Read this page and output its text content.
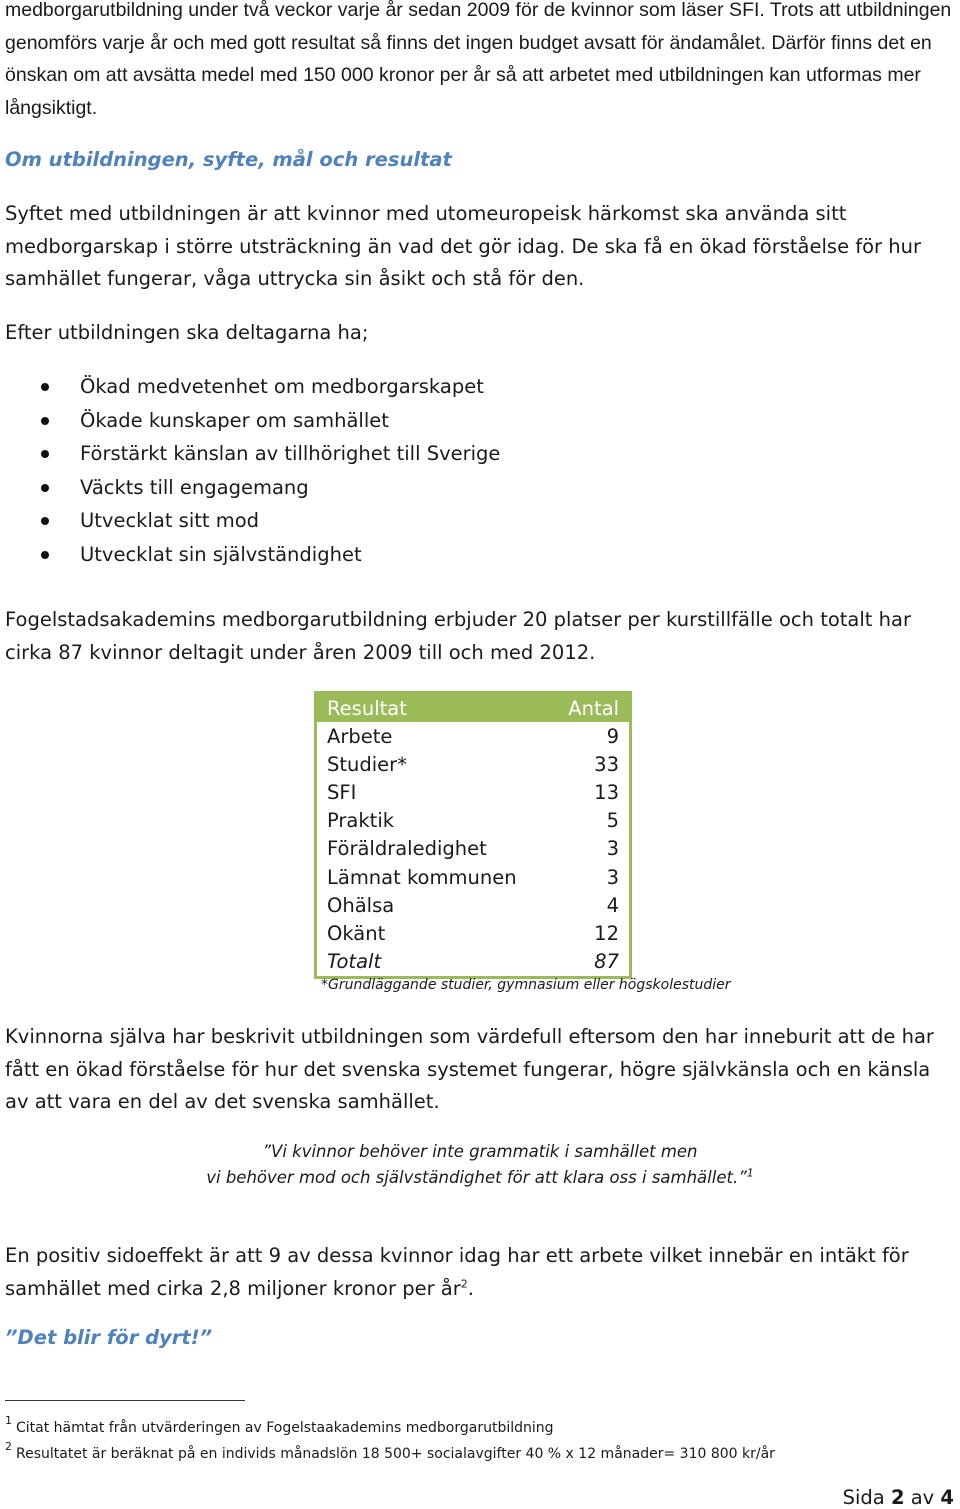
medborgarutbildning under två veckor varje år sedan 2009 för de kvinnor som läser SFI. Trots att utbildningen genomförs varje år och med gott resultat så finns det ingen budget avsatt för ändamålet. Därför finns det en önskan om att avsätta medel med 150 000 kronor per år så att arbetet med utbildningen kan utformas mer långsiktigt.

Om utbildningen, syfte, mål och resultat

Syftet med utbildningen är att kvinnor med utomeuropeisk härkomst ska använda sitt medborgarskap i större utsträckning än vad det gör idag. De ska få en ökad förståelse för hur samhället fungerar, våga uttrycka sin åsikt och stå för den.

Efter utbildningen ska deltagarna ha;

Ökad medvetenhet om medborgarskapet
Ökade kunskaper om samhället
Förstärkt känslan av tillhörighet till Sverige
Väckts till engagemang
Utvecklat sitt mod
Utvecklat sin självständighet

Fogelstadsakademins medborgarutbildning erbjuder 20 platser per kurstillfälle och totalt har cirka 87 kvinnor deltagit under åren 2009 till och med 2012.

Resultat	Antal
Arbete	9
Studier*	33
SFI	13
Praktik	5
Föräldraledighet	3
Lämnat kommunen	3
Ohälsa	4
Okänt	12
Totalt	87
*Grundläggande studier, gymnasium eller högskolestudier

Kvinnorna själva har beskrivit utbildningen som värdefull eftersom den har inneburit att de har fått en ökad förståelse för hur det svenska systemet fungerar, högre självkänsla och en känsla av att vara en del av det svenska samhället.

”Vi kvinnor behöver inte grammatik i samhället men
vi behöver mod och självständighet för att klara oss i samhället.”$^1$

En positiv sidoeffekt är att 9 av dessa kvinnor idag har ett arbete vilket innebär en intäkt för samhället med cirka 2,8 miljoner kronor per $år^2$.

”Det blir för dyrt!”
1 Citat hämtat från utvärderingen av Fogelstaakademins medborgarutbildning
2 Resultatet är beräknat på en individs månadslön 18 500+ socialavgifter 40 % x 12 månader= 310 800 kr/år
Sida 2 av 4
